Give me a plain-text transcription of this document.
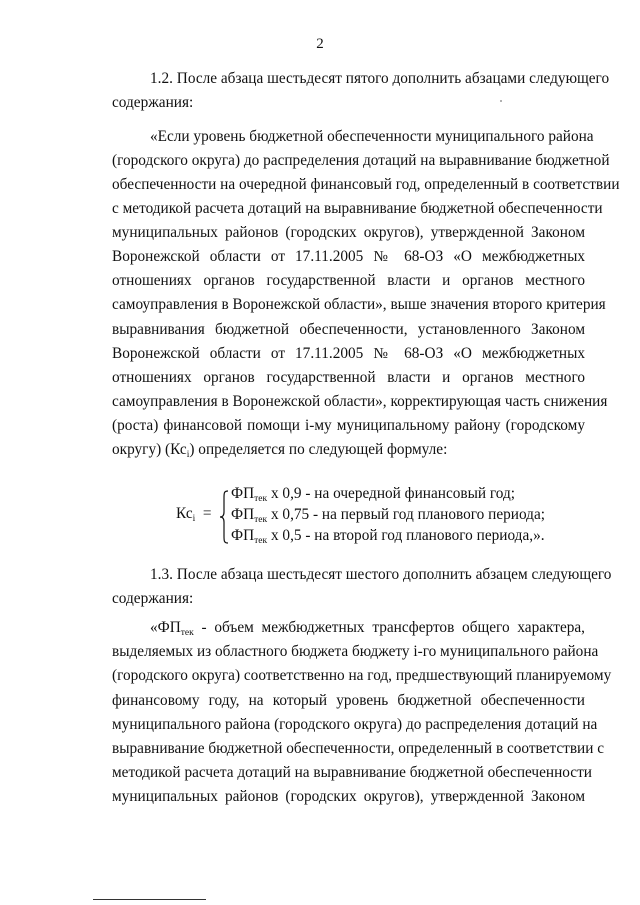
2
1.2. После абзаца шестьдесят пятого дополнить абзацами следующего
содержания:
«Если уровень бюджетной обеспеченности муниципального района
(городского округа) до распределения дотаций на выравнивание бюджетной
обеспеченности на очередной финансовый год, определенный в соответствии
с методикой расчета дотаций на выравнивание бюджетной обеспеченности
муниципальных районов (городских округов), утвержденной Законом
Воронежской области от 17.11.2005 № 68-ОЗ «О межбюджетных
отношениях органов государственной власти и органов местного
самоуправления в Воронежской области», выше значения второго критерия
выравнивания бюджетной обеспеченности, установленного Законом
Воронежской области от 17.11.2005 № 68-ОЗ «О межбюджетных
отношениях органов государственной власти и органов местного
самоуправления в Воронежской области», корректирующая часть снижения
(роста) финансовой помощи i-му муниципальному району (городскому
округу) $(Кс_i)$ определяется по следующей формуле:
$Кс_i$ =
$ФП_{тек}$ х 0,9 - на очередной финансовый год;
$ФП_{тек}$ х 0,75 - на первый год планового периода;
$ФП_{тек}$ х 0,5 - на второй год планового периода,».
1.3. После абзаца шестьдесят шестого дополнить абзацем следующего
содержания:
«$ФП_{тек}$ - объем межбюджетных трансфертов общего характера,
выделяемых из областного бюджета бюджету i-го муниципального района
(городского округа) соответственно на год, предшествующий планируемому
финансовому году, на который уровень бюджетной обеспеченности
муниципального района (городского округа) до распределения дотаций на
выравнивание бюджетной обеспеченности, определенный в соответствии с
методикой расчета дотаций на выравнивание бюджетной обеспеченности
муниципальных районов (городских округов), утвержденной Законом
